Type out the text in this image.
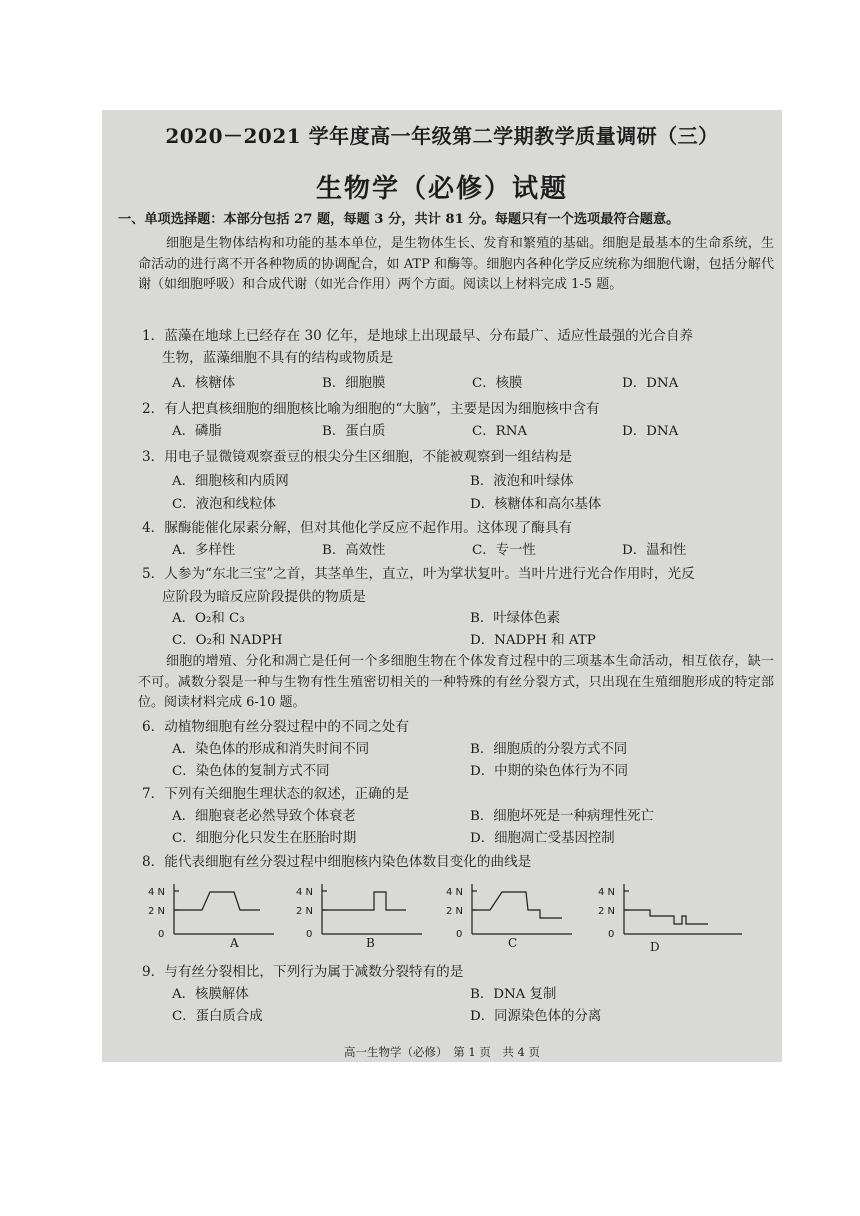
2020－2021 学年度高一年级第二学期教学质量调研（三）
生物学（必修）试题
一、单项选择题：本部分包括 27 题，每题 3 分，共计 81 分。每题只有一个选项最符合题意。
细胞是生物体结构和功能的基本单位，是生物体生长、发育和繁殖的基础。细胞是最基本的生命系统，生命活动的进行离不开各种物质的协调配合，如 ATP 和酶等。细胞内各种化学反应统称为细胞代谢，包括分解代谢（如细胞呼吸）和合成代谢（如光合作用）两个方面。阅读以上材料完成 1-5 题。
1．蓝藻在地球上已经存在 30 亿年，是地球上出现最早、分布最广、适应性最强的光合自养
生物，蓝藻细胞不具有的结构或物质是
A．核糖体	B．细胞膜	C．核膜	D．DNA
2．有人把真核细胞的细胞核比喻为细胞的“大脑”，主要是因为细胞核中含有
A．磷脂	B．蛋白质	C．RNA	D．DNA
3．用电子显微镜观察蚕豆的根尖分生区细胞，不能被观察到一组结构是
A．细胞核和内质网	B．液泡和叶绿体
C．液泡和线粒体	D．核糖体和高尔基体
4．脲酶能催化尿素分解，但对其他化学反应不起作用。这体现了酶具有
A．多样性	B．高效性	C．专一性	D．温和性
5．人参为“东北三宝”之首，其茎单生，直立，叶为掌状复叶。当叶片进行光合作用时，光反
应阶段为暗反应阶段提供的物质是
A．O₂和 C₃	B．叶绿体色素
C．O₂和 NADPH	D．NADPH 和 ATP
细胞的增殖、分化和凋亡是任何一个多细胞生物在个体发育过程中的三项基本生命活动，相互依存，缺一不可。减数分裂是一种与生物有性生殖密切相关的一种特殊的有丝分裂方式，只出现在生殖细胞形成的特定部位。阅读材料完成 6-10 题。
6．动植物细胞有丝分裂过程中的不同之处有
A．染色体的形成和消失时间不同	B．细胞质的分裂方式不同
C．染色体的复制方式不同	D．中期的染色体行为不同
7．下列有关细胞生理状态的叙述，正确的是
A．细胞衰老必然导致个体衰老	B．细胞坏死是一种病理性死亡
C．细胞分化只发生在胚胎时期	D．细胞凋亡受基因控制
8．能代表细胞有丝分裂过程中细胞核内染色体数目变化的曲线是
4 N
2 N
0
A
4 N
2 N
0
B
4 N
2 N
0
C
4 N
2 N
0
D
9．与有丝分裂相比，下列行为属于减数分裂特有的是
A．核膜解体	B．DNA 复制
C．蛋白质合成	D．同源染色体的分离
高一生物学（必修）　第 1 页　共 4 页
